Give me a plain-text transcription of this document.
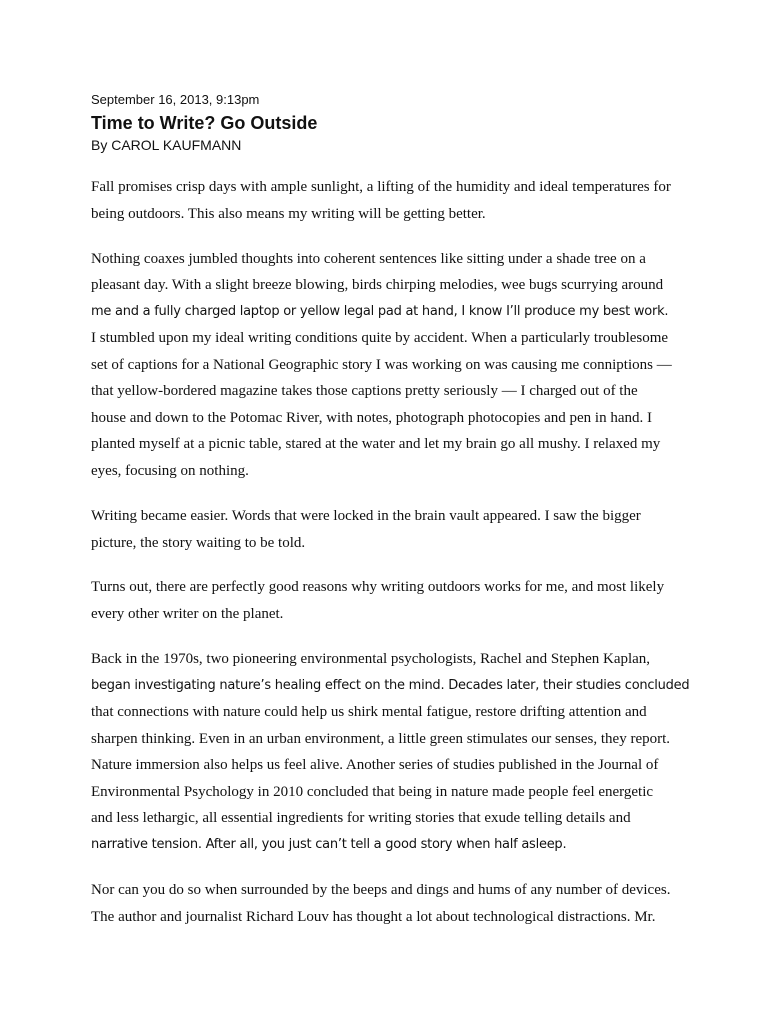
September 16, 2013, 9:13pm
Time to Write? Go Outside
By CAROL KAUFMANN
Fall promises crisp days with ample sunlight, a lifting of the humidity and ideal temperatures for
being outdoors. This also means my writing will be getting better.
Nothing coaxes jumbled thoughts into coherent sentences like sitting under a shade tree on a
pleasant day. With a slight breeze blowing, birds chirping melodies, wee bugs scurrying around
me and a fully charged laptop or yellow legal pad at hand, I know I’ll produce my best work.
I stumbled upon my ideal writing conditions quite by accident. When a particularly troublesome
set of captions for a National Geographic story I was working on was causing me conniptions —
that yellow-bordered magazine takes those captions pretty seriously — I charged out of the
house and down to the Potomac River, with notes, photograph photocopies and pen in hand. I
planted myself at a picnic table, stared at the water and let my brain go all mushy. I relaxed my
eyes, focusing on nothing.
Writing became easier. Words that were locked in the brain vault appeared. I saw the bigger
picture, the story waiting to be told.
Turns out, there are perfectly good reasons why writing outdoors works for me, and most likely
every other writer on the planet.
Back in the 1970s, two pioneering environmental psychologists, Rachel and Stephen Kaplan,
began investigating nature’s healing effect on the mind. Decades later, their studies concluded
that connections with nature could help us shirk mental fatigue, restore drifting attention and
sharpen thinking. Even in an urban environment, a little green stimulates our senses, they report.
Nature immersion also helps us feel alive. Another series of studies published in the Journal of
Environmental Psychology in 2010 concluded that being in nature made people feel energetic
and less lethargic, all essential ingredients for writing stories that exude telling details and
narrative tension. After all, you just can’t tell a good story when half asleep.
Nor can you do so when surrounded by the beeps and dings and hums of any number of devices.
The author and journalist Richard Louv has thought a lot about technological distractions. Mr.
